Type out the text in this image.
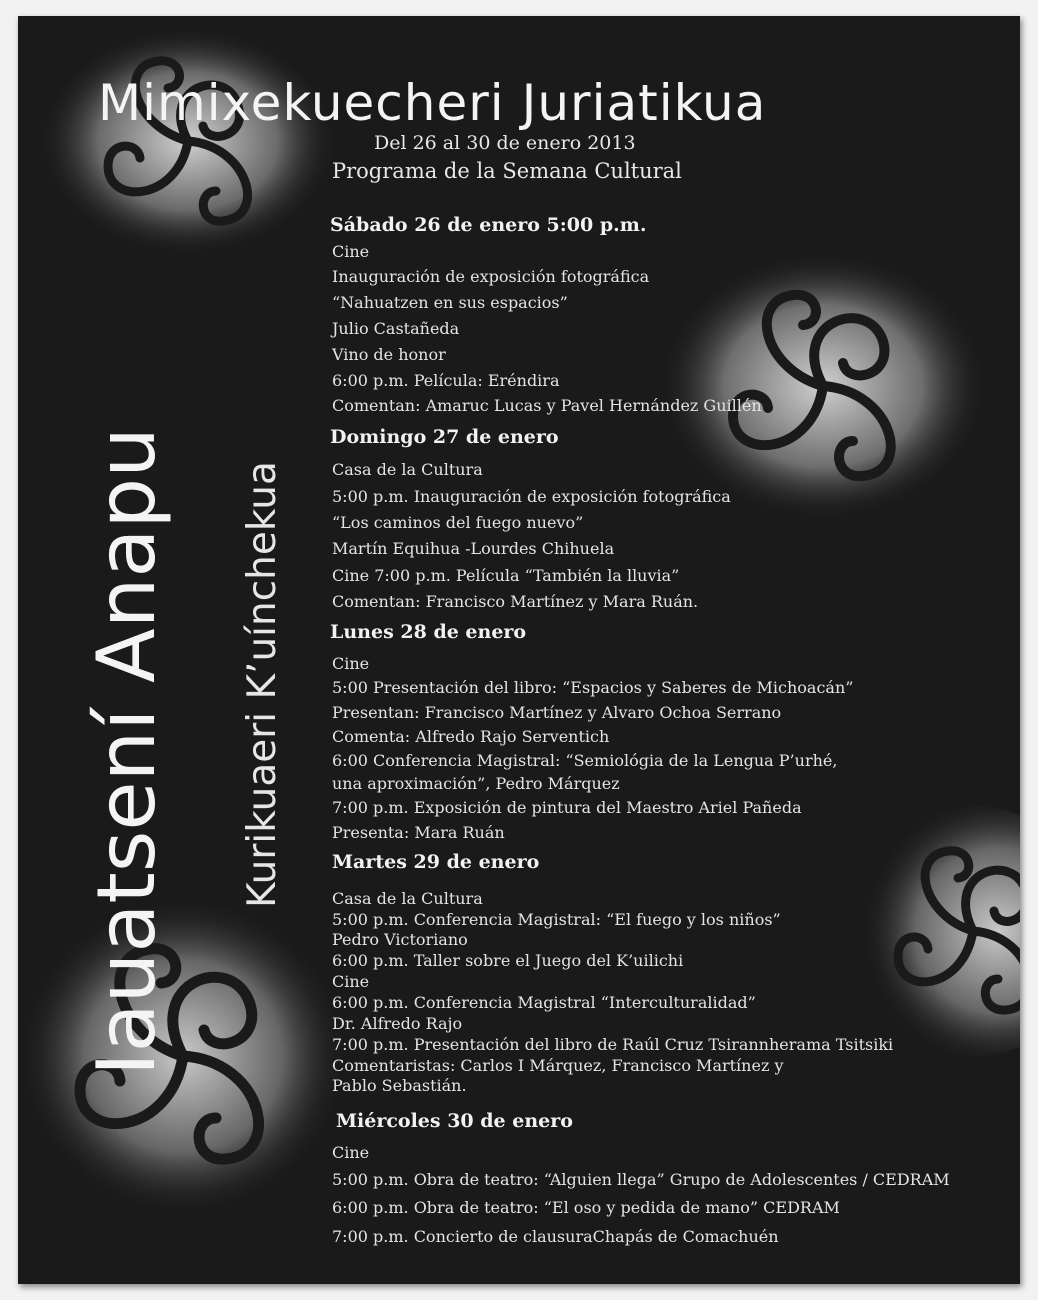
Mimixekuecheri Juriatikua
Del 26 al 30 de enero 2013
Programa de la Semana Cultural
Iauatsení Anapu Kurikuaeri K’uínchekua
Sábado 26 de enero 5:00 p.m.
Cine
Inauguración de exposición fotográfica
“Nahuatzen en sus espacios”
Julio Castañeda
Vino de honor
6:00 p.m. Película: Eréndira
Comentan: Amaruc Lucas y Pavel Hernández Guillén
Domingo 27 de enero
Casa de la Cultura
5:00 p.m. Inauguración de exposición fotográfica
“Los caminos del fuego nuevo”
Martín Equihua -Lourdes Chihuela
Cine 7:00 p.m. Película “También la lluvia”
Comentan: Francisco Martínez y Mara Ruán.
Lunes 28 de enero
Cine
5:00 Presentación del libro: “Espacios y Saberes de Michoacán”
Presentan: Francisco Martínez y Alvaro Ochoa Serrano
Comenta: Alfredo Rajo Serventich
6:00 Conferencia Magistral: “Semiológia de la Lengua P’urhé,
una aproximación”, Pedro Márquez
7:00 p.m. Exposición de pintura del Maestro Ariel Pañeda
Presenta: Mara Ruán
Martes 29 de enero
Casa de la Cultura
5:00 p.m. Conferencia Magistral: “El fuego y los niños”
Pedro Victoriano
6:00 p.m. Taller sobre el Juego del K’uilichi
Cine
6:00 p.m. Conferencia Magistral “Interculturalidad”
Dr. Alfredo Rajo
7:00 p.m. Presentación del libro de Raúl Cruz Tsirannherama Tsitsiki
Comentaristas: Carlos I Márquez, Francisco Martínez y
Pablo Sebastián.
Miércoles 30 de enero
Cine
5:00 p.m. Obra de teatro: “Alguien llega” Grupo de Adolescentes / CEDRAM
6:00 p.m. Obra de teatro: “El oso y pedida de mano” CEDRAM
7:00 p.m. Concierto de clausuraChapás de Comachuén
